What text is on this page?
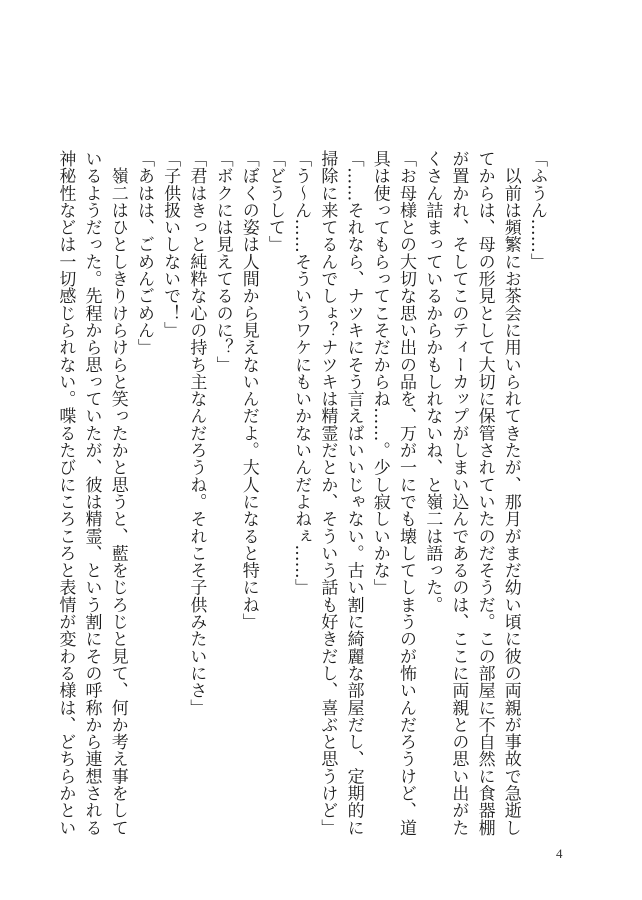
「ふうん……」
　以前は頻繁にお茶会に用いられてきたが、那月がまだ幼い頃に彼の両親が事故で急逝し
てからは、母の形見として大切に保管されていたのだそうだ。この部屋に不自然に食器棚
が置かれ、そしてこのティーカップがしまい込んであるのは、ここに両親との思い出がた
くさん詰まっているからかもしれないね、と嶺二は語った。
「お母様との大切な思い出の品を、万が一にでも壊してしまうのが怖いんだろうけど、道
具は使ってもらってこそだからね……。少し寂しいかな」
「……それなら、ナツキにそう言えばいいじゃない。古い割に綺麗な部屋だし、定期的に
掃除に来てるんでしょ？ナツキは精霊だとか、そういう話も好きだし、喜ぶと思うけど」
「う〜ん……そういうワケにもいかないんだよねぇ……」
「どうして」
「ぼくの姿は人間から見えないんだよ。大人になると特にね」
「ボクには見えてるのに？」
「君はきっと純粋な心の持ち主なんだろうね。それこそ子供みたいにさ」
「子供扱いしないで！」
「あはは、ごめんごめん」
　嶺二はひとしきりけらけらと笑ったかと思うと、藍をじろじと見て、何か考え事をして
いるようだった。先程から思っていたが、彼は精霊、という割にその呼称から連想される
神秘性などは一切感じられない。喋るたびにころころと表情が変わる様は、どちらかとい
4
